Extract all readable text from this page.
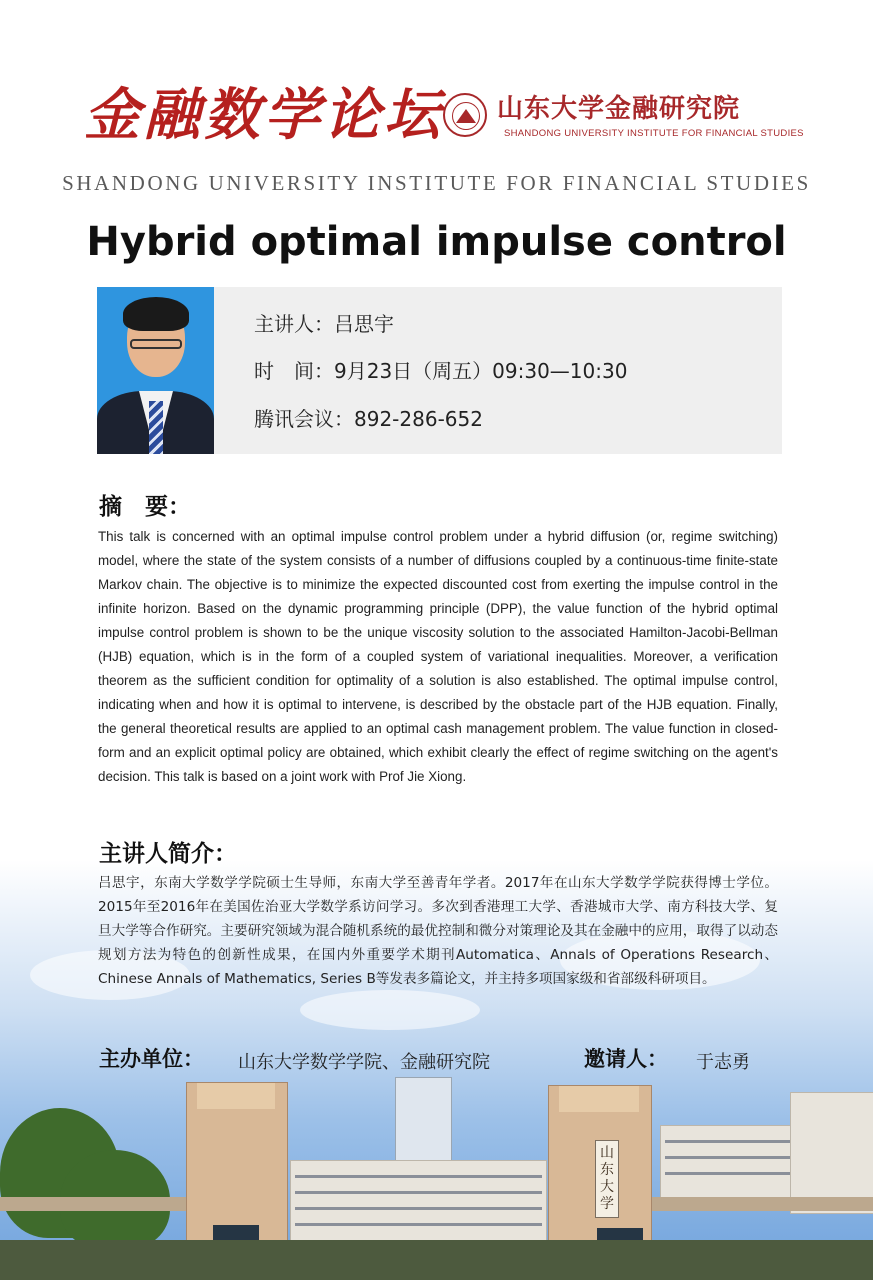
山东大学
金融数学论坛 山东大学金融研究院
SHANDONG UNIVERSITY INSTITUTE FOR FINANCIAL STUDIES
SHANDONG UNIVERSITY INSTITUTE FOR FINANCIAL STUDIES
Hybrid optimal impulse control
主讲人：吕思宇
时　间：9月23日（周五）09:30—10:30
腾讯会议：892-286-652
摘　要：
This talk is concerned with an optimal impulse control problem under a hybrid diffusion (or, regime switching) model, where the state of the system consists of a number of diffusions coupled by a continuous-time finite-state Markov chain. The objective is to minimize the expected discounted cost from exerting the impulse control in the infinite horizon. Based on the dynamic programming principle (DPP), the value function of the hybrid optimal impulse control problem is shown to be the unique viscosity solution to the associated Hamilton-Jacobi-Bellman (HJB) equation, which is in the form of a coupled system of variational inequalities. Moreover, a verification theorem as the sufficient condition for optimality of a solution is also established. The optimal impulse control, indicating when and how it is optimal to intervene, is described by the obstacle part of the HJB equation. Finally, the general theoretical results are applied to an optimal cash management problem. The value function in closed-form and an explicit optimal policy are obtained, which exhibit clearly the effect of regime switching on the agent's decision. This talk is based on a joint work with Prof Jie Xiong.
主讲人简介：
吕思宇，东南大学数学学院硕士生导师，东南大学至善青年学者。2017年在山东大学数学学院获得博士学位。2015年至2016年在美国佐治亚大学数学系访问学习。多次到香港理工大学、香港城市大学、南方科技大学、复旦大学等合作研究。主要研究领域为混合随机系统的最优控制和微分对策理论及其在金融中的应用，取得了以动态规划方法为特色的创新性成果，在国内外重要学术期刊Automatica、Annals of Operations Research、Chinese Annals of Mathematics, Series B等发表多篇论文，并主持多项国家级和省部级科研项目。
主办单位： 山东大学数学学院、金融研究院	邀请人： 于志勇
